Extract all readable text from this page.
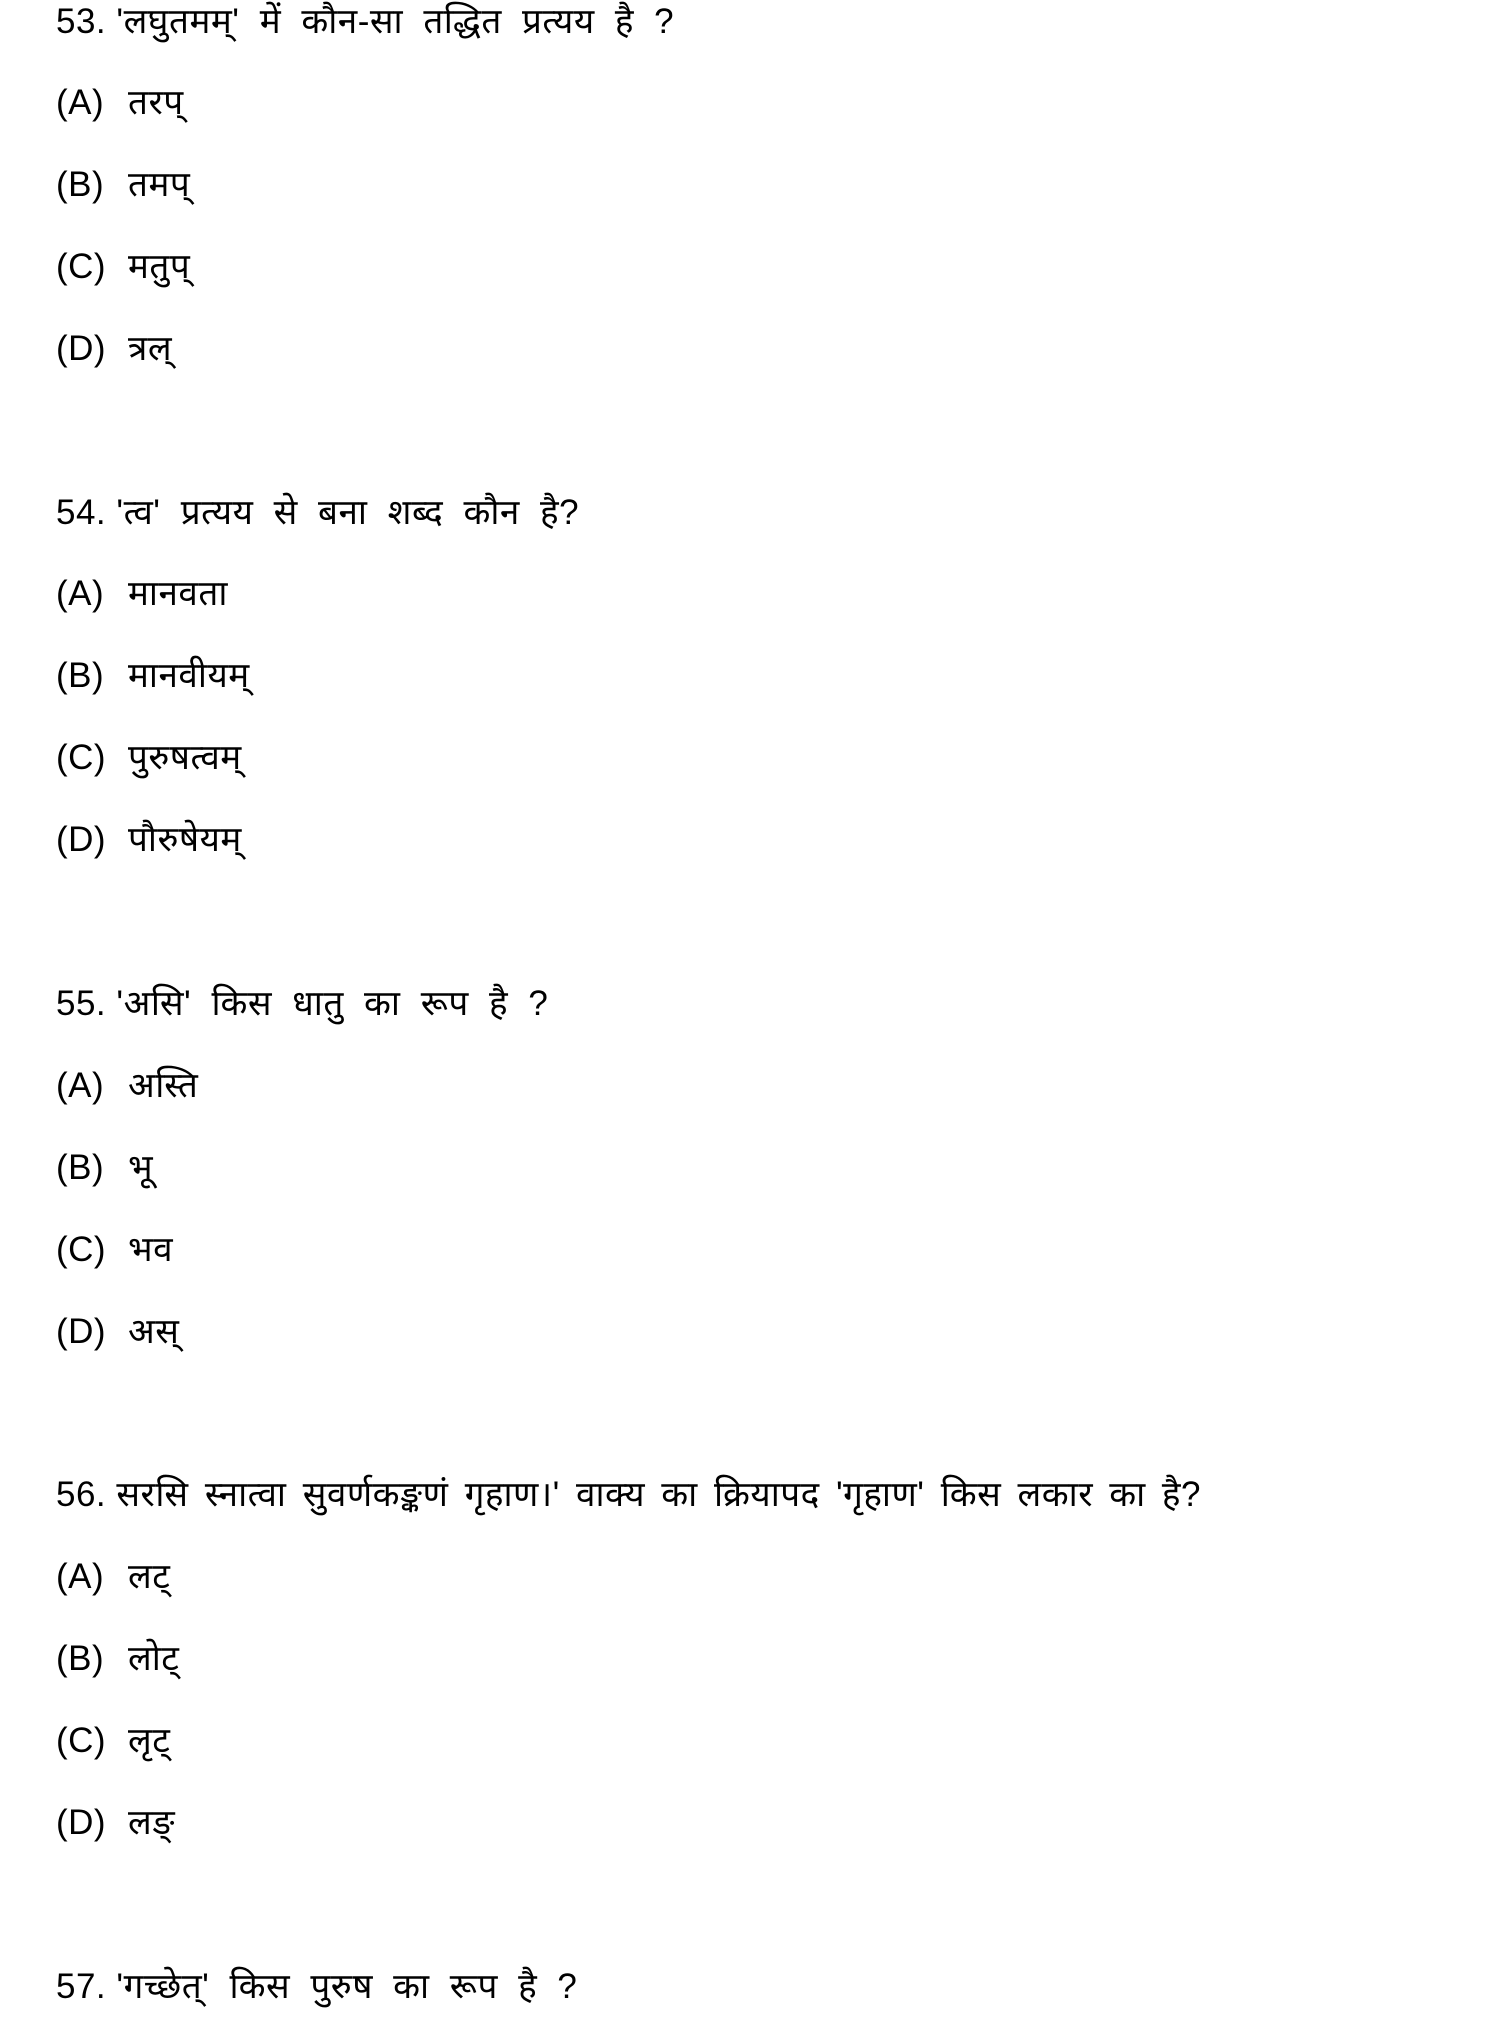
53. 'लघुतमम्' में कौन-सा तद्धित प्रत्यय है ?
(A) तरप्
(B) तमप्
(C) मतुप्
(D) त्रल्
54. 'त्व' प्रत्यय से बना शब्द कौन है?
(A) मानवता
(B) मानवीयम्
(C) पुरुषत्वम्
(D) पौरुषेयम्
55. 'असि' किस धातु का रूप है ?
(A) अस्ति
(B) भू
(C) भव
(D) अस्
56. सरसि स्नात्वा सुवर्णकङ्कणं गृहाण।' वाक्य का क्रियापद 'गृहाण' किस लकार का है?
(A) लट्
(B) लोट्
(C) लृट्
(D) लङ्
57. 'गच्छेत्' किस पुरुष का रूप है ?
